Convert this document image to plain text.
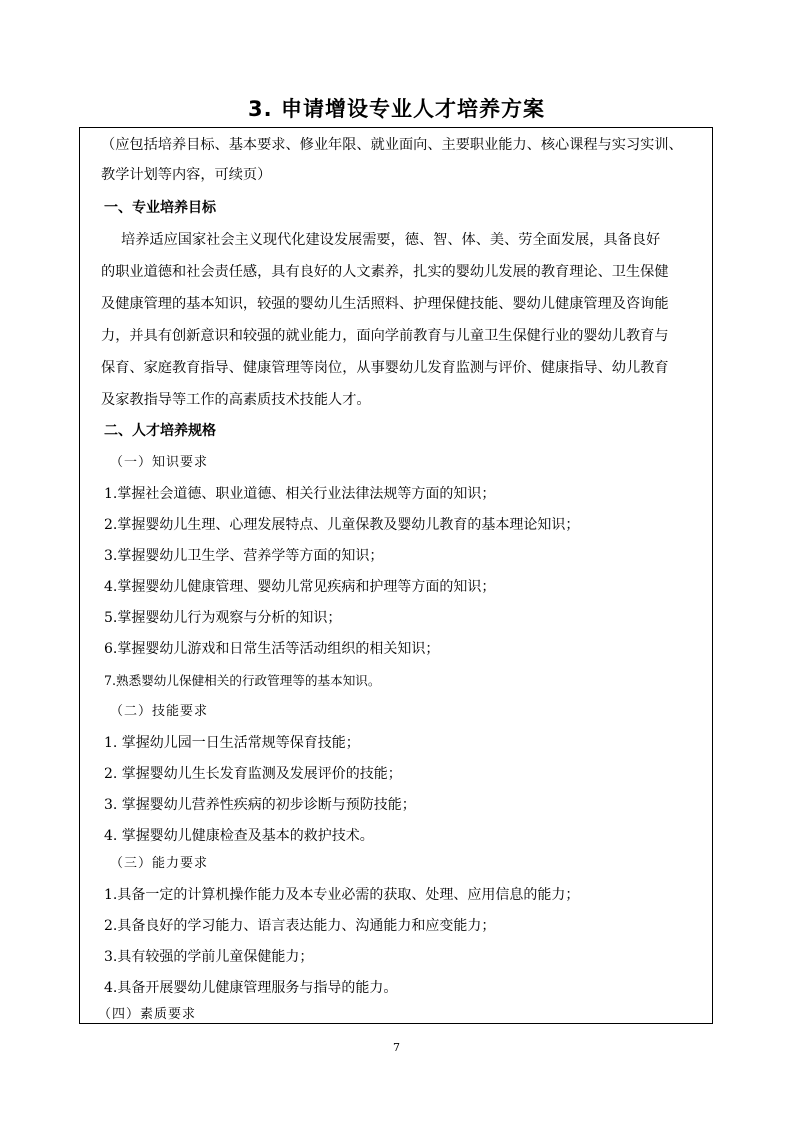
3. 申请增设专业人才培养方案
（应包括培养目标、基本要求、修业年限、就业面向、主要职业能力、核心课程与实习实训、
教学计划等内容，可续页）
一、专业培养目标
培养适应国家社会主义现代化建设发展需要，德、智、体、美、劳全面发展，具备良好
的职业道德和社会责任感，具有良好的人文素养，扎实的婴幼儿发展的教育理论、卫生保健
及健康管理的基本知识，较强的婴幼儿生活照料、护理保健技能、婴幼儿健康管理及咨询能
力，并具有创新意识和较强的就业能力，面向学前教育与儿童卫生保健行业的婴幼儿教育与
保育、家庭教育指导、健康管理等岗位，从事婴幼儿发育监测与评价、健康指导、幼儿教育
及家教指导等工作的高素质技术技能人才。
二、人才培养规格
（一）知识要求
1.掌握社会道德、职业道德、相关行业法律法规等方面的知识；
2.掌握婴幼儿生理、心理发展特点、儿童保教及婴幼儿教育的基本理论知识；
3.掌握婴幼儿卫生学、营养学等方面的知识；
4.掌握婴幼儿健康管理、婴幼儿常见疾病和护理等方面的知识；
5.掌握婴幼儿行为观察与分析的知识；
6.掌握婴幼儿游戏和日常生活等活动组织的相关知识；
7.熟悉婴幼儿保健相关的行政管理等的基本知识。
（二）技能要求
1. 掌握幼儿园一日生活常规等保育技能；
2. 掌握婴幼儿生长发育监测及发展评价的技能；
3. 掌握婴幼儿营养性疾病的初步诊断与预防技能；
4. 掌握婴幼儿健康检查及基本的救护技术。
（三）能力要求
1.具备一定的计算机操作能力及本专业必需的获取、处理、应用信息的能力；
2.具备良好的学习能力、语言表达能力、沟通能力和应变能力；
3.具有较强的学前儿童保健能力；
4.具备开展婴幼儿健康管理服务与指导的能力。
（四）素质要求
7
